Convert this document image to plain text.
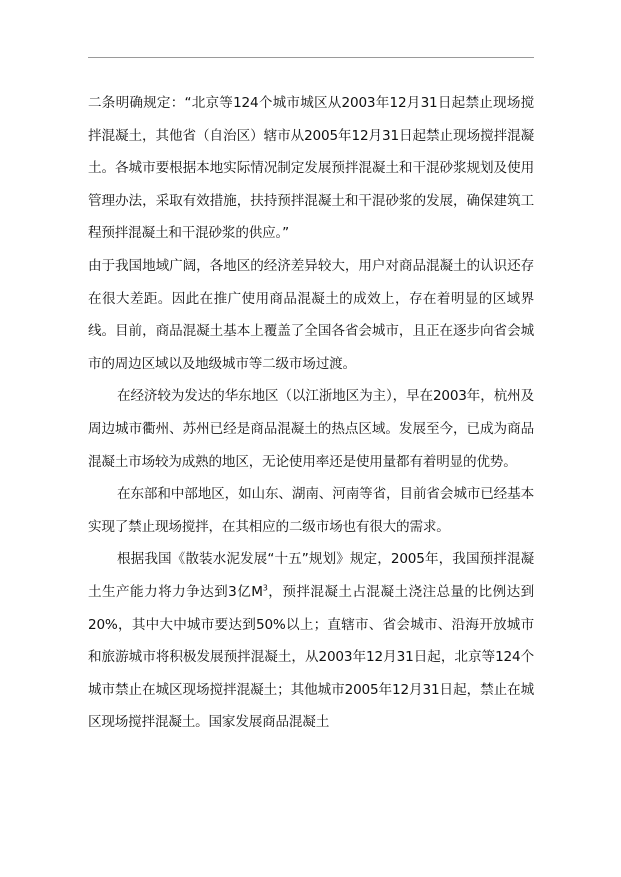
二条明确规定：“北京等124个城市城区从2003年12月31日起禁止现场搅拌混凝土，其他省（自治区）辖市从2005年12月31日起禁止现场搅拌混凝土。各城市要根据本地实际情况制定发展预拌混凝土和干混砂浆规划及使用管理办法，采取有效措施，扶持预拌混凝土和干混砂浆的发展，确保建筑工程预拌混凝土和干混砂浆的供应。”

由于我国地域广阔，各地区的经济差异较大，用户对商品混凝土的认识还存在很大差距。因此在推广使用商品混凝土的成效上，存在着明显的区域界线。目前，商品混凝土基本上覆盖了全国各省会城市，且正在逐步向省会城市的周边区域以及地级城市等二级市场过渡。

在经济较为发达的华东地区（以江浙地区为主），早在2003年，杭州及周边城市衢州、苏州已经是商品混凝土的热点区域。发展至今，已成为商品混凝土市场较为成熟的地区，无论使用率还是使用量都有着明显的优势。

在东部和中部地区，如山东、湖南、河南等省，目前省会城市已经基本实现了禁止现场搅拌，在其相应的二级市场也有很大的需求。

根据我国《散装水泥发展“十五”规划》规定，2005年，我国预拌混凝土生产能力将力争达到3亿$M^3$，预拌混凝土占混凝土浇注总量的比例达到20%，其中大中城市要达到50%以上；直辖市、省会城市、沿海开放城市和旅游城市将积极发展预拌混凝土，从2003年12月31日起，北京等124个城市禁止在城区现场搅拌混凝土；其他城市2005年12月31日起，禁止在城区现场搅拌混凝土。国家发展商品混凝土
